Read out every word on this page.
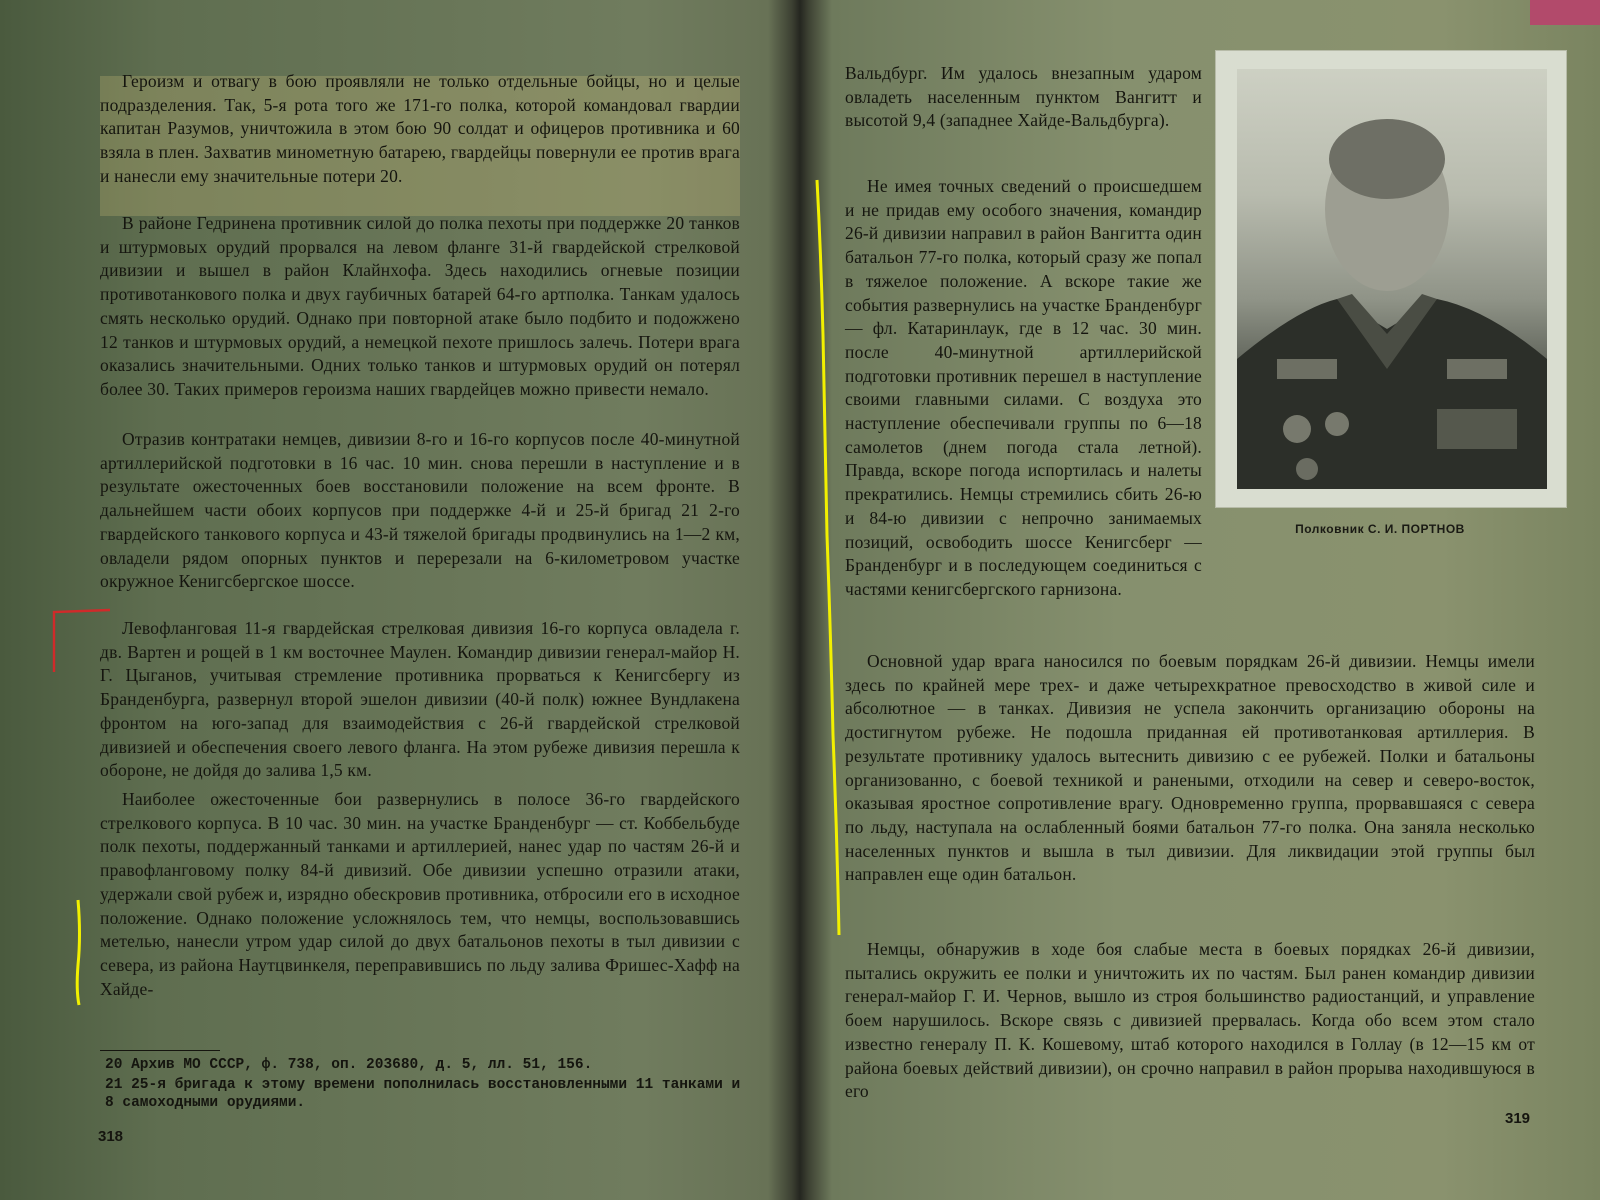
Героизм и отвагу в бою проявляли не только отдельные бойцы, но и целые подразделения. Так, 5-я рота того же 171-го полка, которой командовал гвардии капитан Разумов, уничтожила в этом бою 90 солдат и офицеров противника и 60 взяла в плен. Захватив минометную батарею, гвардейцы повернули ее против врага и нанесли ему значительные потери 20.

В районе Гедринена противник силой до полка пехоты при поддержке 20 танков и штурмовых орудий прорвался на левом фланге 31-й гвардейской стрелковой дивизии и вышел в район Клайнхофа. Здесь находились огневые позиции противотанкового полка и двух гаубичных батарей 64-го артполка. Танкам удалось смять несколько орудий. Однако при повторной атаке было подбито и подожжено 12 танков и штурмовых орудий, а немецкой пехоте пришлось залечь. Потери врага оказались значительными. Одних только танков и штурмовых орудий он потерял более 30. Таких примеров героизма наших гвардейцев можно привести немало.

Отразив контратаки немцев, дивизии 8-го и 16-го корпусов после 40-минутной артиллерийской подготовки в 16 час. 10 мин. снова перешли в наступление и в результате ожесточенных боев восстановили положение на всем фронте. В дальнейшем части обоих корпусов при поддержке 4-й и 25-й бригад 21 2-го гвардейского танкового корпуса и 43-й тяжелой бригады продвинулись на 1—2 км, овладели рядом опорных пунктов и перерезали на 6-километровом участке окружное Кенигсбергское шоссе.

Левофланговая 11-я гвардейская стрелковая дивизия 16-го корпуса овладела г. дв. Вартен и рощей в 1 км восточнее Маулен. Командир дивизии генерал-майор Н. Г. Цыганов, учитывая стремление противника прорваться к Кенигсбергу из Бранденбурга, развернул второй эшелон дивизии (40-й полк) южнее Вундлакена фронтом на юго-запад для взаимодействия с 26-й гвардейской стрелковой дивизией и обеспечения своего левого фланга. На этом рубеже дивизия перешла к обороне, не дойдя до залива 1,5 км.

Наиболее ожесточенные бои развернулись в полосе 36-го гвардейского стрелкового корпуса. В 10 час. 30 мин. на участке Бранденбург — ст. Коббельбуде полк пехоты, поддержанный танками и артиллерией, нанес удар по частям 26-й и правофланговому полку 84-й дивизий. Обе дивизии успешно отразили атаки, удержали свой рубеж и, изрядно обескровив противника, отбросили его в исходное положение. Однако положение усложнялось тем, что немцы, воспользовавшись метелью, нанесли утром удар силой до двух батальонов пехоты в тыл дивизии с севера, из района Наутцвинкеля, переправившись по льду залива Фришес-Хафф на Хайде-

20 Архив МО СССР, ф. 738, оп. 203680, д. 5, лл. 51, 156.

21 25-я бригада к этому времени пополнилась восстановленными 11 танками и 8 самоходными орудиями.

318

Вальдбург. Им удалось внезапным ударом овладеть населенным пунктом Вангитт и высотой 9,4 (западнее Хайде-Вальдбурга).

Не имея точных сведений о происшедшем и не придав ему особого значения, командир 26-й дивизии направил в район Вангитта один батальон 77-го полка, который сразу же попал в тяжелое положение. А вскоре такие же события развернулись на участке Бранденбург — фл. Катаринлаук, где в 12 час. 30 мин. после 40-минутной артиллерийской подготовки противник перешел в наступление своими главными силами. С воздуха это наступление обеспечивали группы по 6—18 самолетов (днем погода стала летной). Правда, вскоре погода испортилась и налеты прекратились. Немцы стремились сбить 26-ю и 84-ю дивизии с непрочно занимаемых позиций, освободить шоссе Кенигсберг — Бранденбург и в последующем соединиться с частями кенигсбергского гарнизона.

Основной удар врага наносился по боевым порядкам 26-й дивизии. Немцы имели здесь по крайней мере трех- и даже четырехкратное превосходство в живой силе и абсолютное — в танках. Дивизия не успела закончить организацию обороны на достигнутом рубеже. Не подошла приданная ей противотанковая артиллерия. В результате противнику удалось вытеснить дивизию с ее рубежей. Полки и батальоны организованно, с боевой техникой и ранеными, отходили на север и северо-восток, оказывая яростное сопротивление врагу. Одновременно группа, прорвавшаяся с севера по льду, наступала на ослабленный боями батальон 77-го полка. Она заняла несколько населенных пунктов и вышла в тыл дивизии. Для ликвидации этой группы был направлен еще один батальон.

Немцы, обнаружив в ходе боя слабые места в боевых порядках 26-й дивизии, пытались окружить ее полки и уничтожить их по частям. Был ранен командир дивизии генерал-майор Г. И. Чернов, вышло из строя большинство радиостанций, и управление боем нарушилось. Вскоре связь с дивизией прервалась. Когда обо всем этом стало известно генералу П. К. Кошевому, штаб которого находился в Голлау (в 12—15 км от района боевых действий дивизии), он срочно направил в район прорыва находившуюся в его

319
Полковник С. И. ПОРТНОВ
